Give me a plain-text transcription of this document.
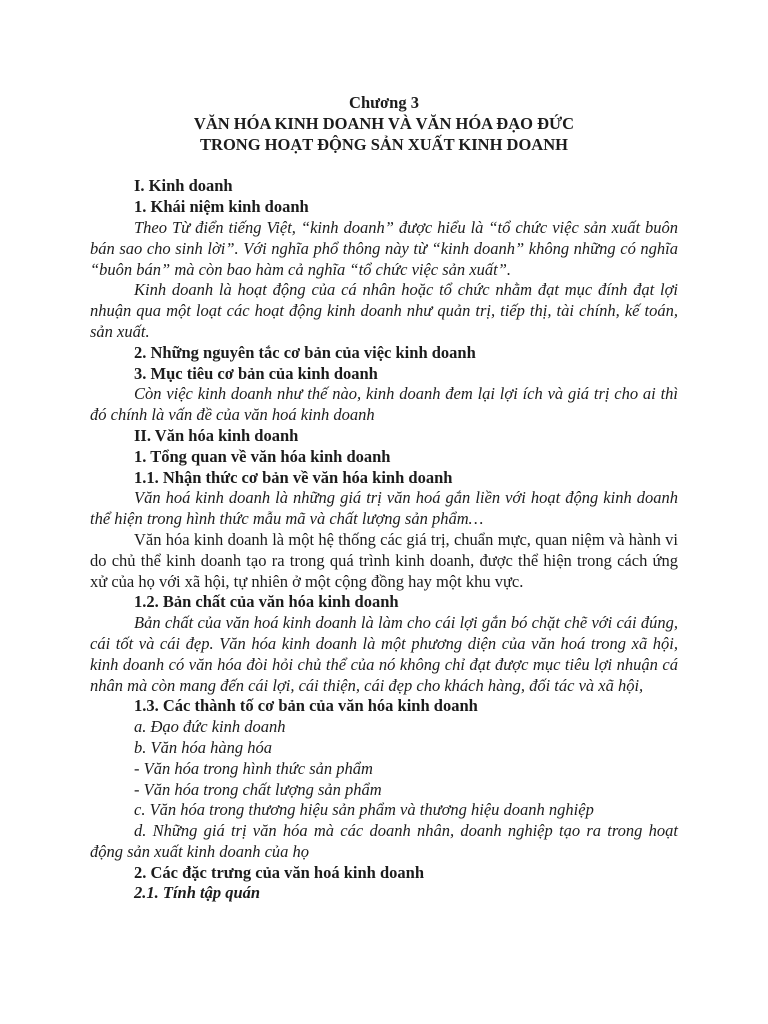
Chương 3
VĂN HÓA KINH DOANH VÀ VĂN HÓA ĐẠO ĐỨC
TRONG HOẠT ĐỘNG SẢN XUẤT KINH DOANH

I. Kinh doanh

1. Khái niệm kinh doanh

Theo Từ điển tiếng Việt, “kinh doanh” được hiểu là “tổ chức việc sản xuất buôn bán sao cho sinh lời”. Với nghĩa phổ thông này từ “kinh doanh” không những có nghĩa “buôn bán” mà còn bao hàm cả nghĩa “tổ chức việc sản xuất”.

Kinh doanh là hoạt động của cá nhân hoặc tổ chức nhằm đạt mục đính đạt lợi nhuận qua một loạt các hoạt động kinh doanh như quản trị, tiếp thị, tài chính, kế toán, sản xuất.

2. Những nguyên tắc cơ bản của việc kinh doanh

3. Mục tiêu cơ bản của kinh doanh

Còn việc kinh doanh như thế nào, kinh doanh đem lại lợi ích và giá trị cho ai thì đó chính là vấn đề của văn hoá kinh doanh

II. Văn hóa kinh doanh

1. Tổng quan về văn hóa kinh doanh

1.1. Nhận thức cơ bản về văn hóa kinh doanh

Văn hoá kinh doanh là những giá trị văn hoá gắn liền với hoạt động kinh doanh thể hiện trong hình thức mẫu mã và chất lượng sản phẩm…

Văn hóa kinh doanh là một hệ thống các giá trị, chuẩn mực, quan niệm và hành vi do chủ thể kinh doanh tạo ra trong quá trình kinh doanh, được thể hiện trong cách ứng xử của họ với xã hội, tự nhiên ở một cộng đồng hay một khu vực.

1.2. Bản chất của văn hóa kinh doanh

Bản chất của văn hoá kinh doanh là làm cho cái lợi gắn bó chặt chẽ với cái đúng, cái tốt và cái đẹp. Văn hóa kinh doanh là một phương diện của văn hoá trong xã hội, kinh doanh có văn hóa đòi hỏi chủ thể của nó không chỉ đạt được mục tiêu lợi nhuận cá nhân mà còn mang đến cái lợi, cái thiện, cái đẹp cho khách hàng, đối tác và xã hội,

1.3. Các thành tố cơ bản của văn hóa kinh doanh

a. Đạo đức kinh doanh

b. Văn hóa hàng hóa

- Văn hóa trong hình thức sản phẩm

- Văn hóa trong chất lượng sản phẩm

c. Văn hóa trong thương hiệu sản phẩm và thương hiệu doanh nghiệp

d. Những giá trị văn hóa mà các doanh nhân, doanh nghiệp tạo ra trong hoạt động sản xuất kinh doanh của họ

2. Các đặc trưng của văn hoá kinh doanh

2.1. Tính tập quán
